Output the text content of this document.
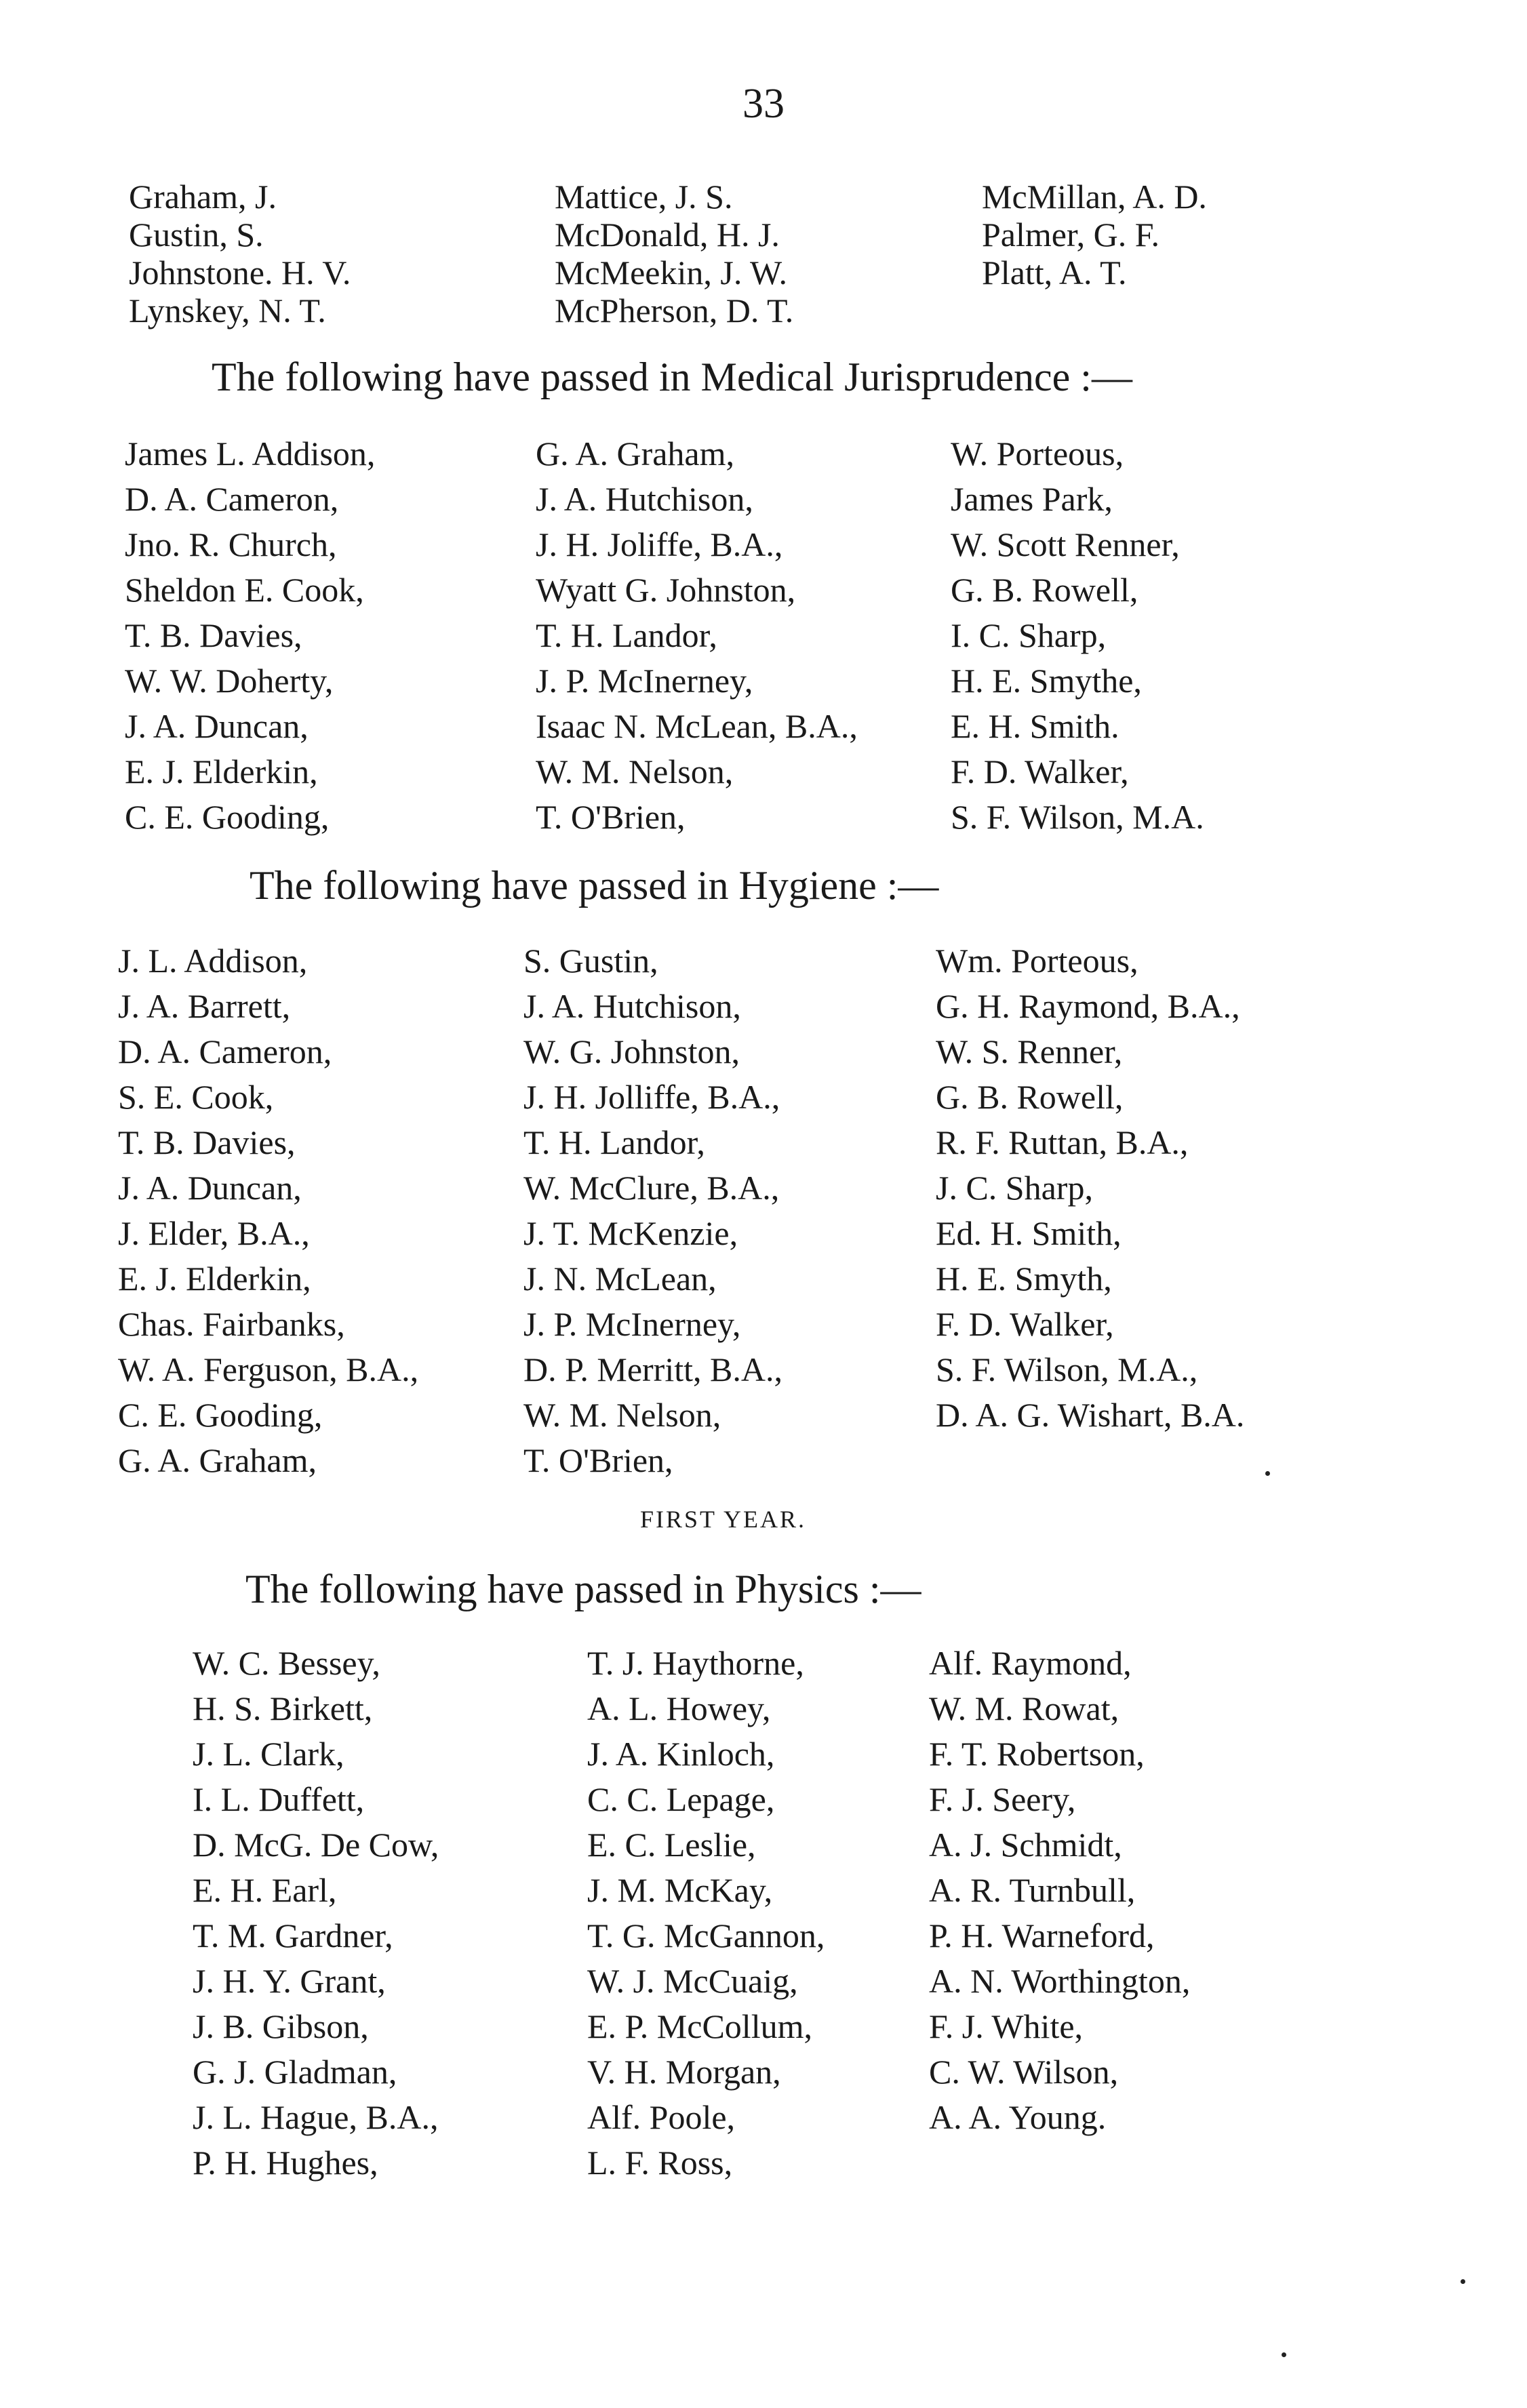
33
Graham, J.
Gustin, S.
Johnstone. H. V.
Lynskey, N. T.
Mattice, J. S.
McDonald, H. J.
McMeekin, J. W.
McPherson, D. T.
McMillan, A. D.
Palmer, G. F.
Platt, A. T.
The following have passed in Medical Jurisprudence :—
James L. Addison,
D. A. Cameron,
Jno. R. Church,
Sheldon E. Cook,
T. B. Davies,
W. W. Doherty,
J. A. Duncan,
E. J. Elderkin,
C. E. Gooding,
G. A. Graham,
J. A. Hutchison,
J. H. Joliffe, B.A.,
Wyatt G. Johnston,
T. H. Landor,
J. P. McInerney,
Isaac N. McLean, B.A.,
W. M. Nelson,
T. O'Brien,
W. Porteous,
James Park,
W. Scott Renner,
G. B. Rowell,
I. C. Sharp,
H. E. Smythe,
E. H. Smith.
F. D. Walker,
S. F. Wilson, M.A.
The following have passed in Hygiene :—
J. L. Addison,
J. A. Barrett,
D. A. Cameron,
S. E. Cook,
T. B. Davies,
J. A. Duncan,
J. Elder, B.A.,
E. J. Elderkin,
Chas. Fairbanks,
W. A. Ferguson, B.A.,
C. E. Gooding,
G. A. Graham,
S. Gustin,
J. A. Hutchison,
W. G. Johnston,
J. H. Jolliffe, B.A.,
T. H. Landor,
W. McClure, B.A.,
J. T. McKenzie,
J. N. McLean,
J. P. McInerney,
D. P. Merritt, B.A.,
W. M. Nelson,
T. O'Brien,
Wm. Porteous,
G. H. Raymond, B.A.,
W. S. Renner,
G. B. Rowell,
R. F. Ruttan, B.A.,
J. C. Sharp,
Ed. H. Smith,
H. E. Smyth,
F. D. Walker,
S. F. Wilson, M.A.,
D. A. G. Wishart, B.A.
FIRST YEAR.
The following have passed in Physics :—
W. C. Bessey,
H. S. Birkett,
J. L. Clark,
I. L. Duffett,
D. McG. De Cow,
E. H. Earl,
T. M. Gardner,
J. H. Y. Grant,
J. B. Gibson,
G. J. Gladman,
J. L. Hague, B.A.,
P. H. Hughes,
T. J. Haythorne,
A. L. Howey,
J. A. Kinloch,
C. C. Lepage,
E. C. Leslie,
J. M. McKay,
T. G. McGannon,
W. J. McCuaig,
E. P. McCollum,
V. H. Morgan,
Alf. Poole,
L. F. Ross,
Alf. Raymond,
W. M. Rowat,
F. T. Robertson,
F. J. Seery,
A. J. Schmidt,
A. R. Turnbull,
P. H. Warneford,
A. N. Worthington,
F. J. White,
C. W. Wilson,
A. A. Young.
